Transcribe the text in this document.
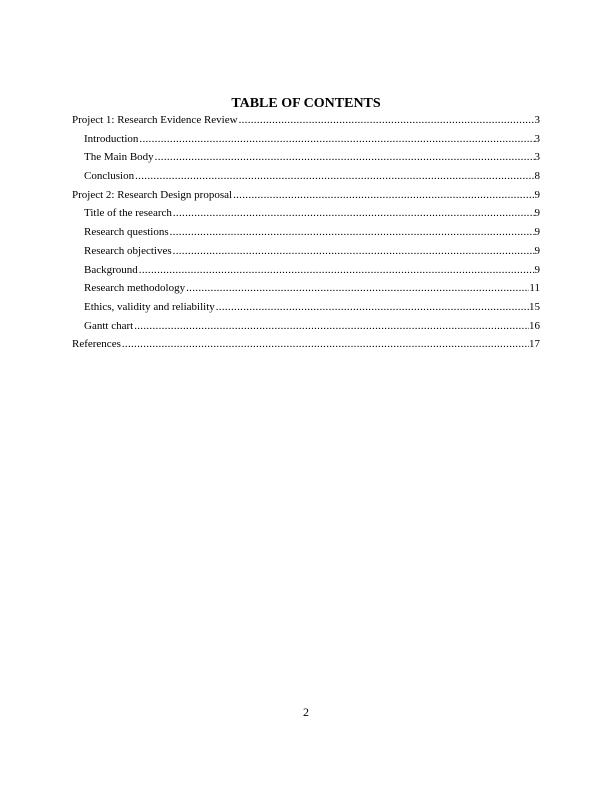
TABLE OF CONTENTS
Project 1: Research Evidence Review .....	3
Introduction .....	3
The Main Body .....	3
Conclusion .....	8
Project 2: Research Design proposal .....	9
Title of the research .....	9
Research questions .....	9
Research objectives .....	9
Background .....	9
Research methodology .....	11
Ethics, validity and reliability .....	15
Gantt chart .....	16
References .....	17
2
